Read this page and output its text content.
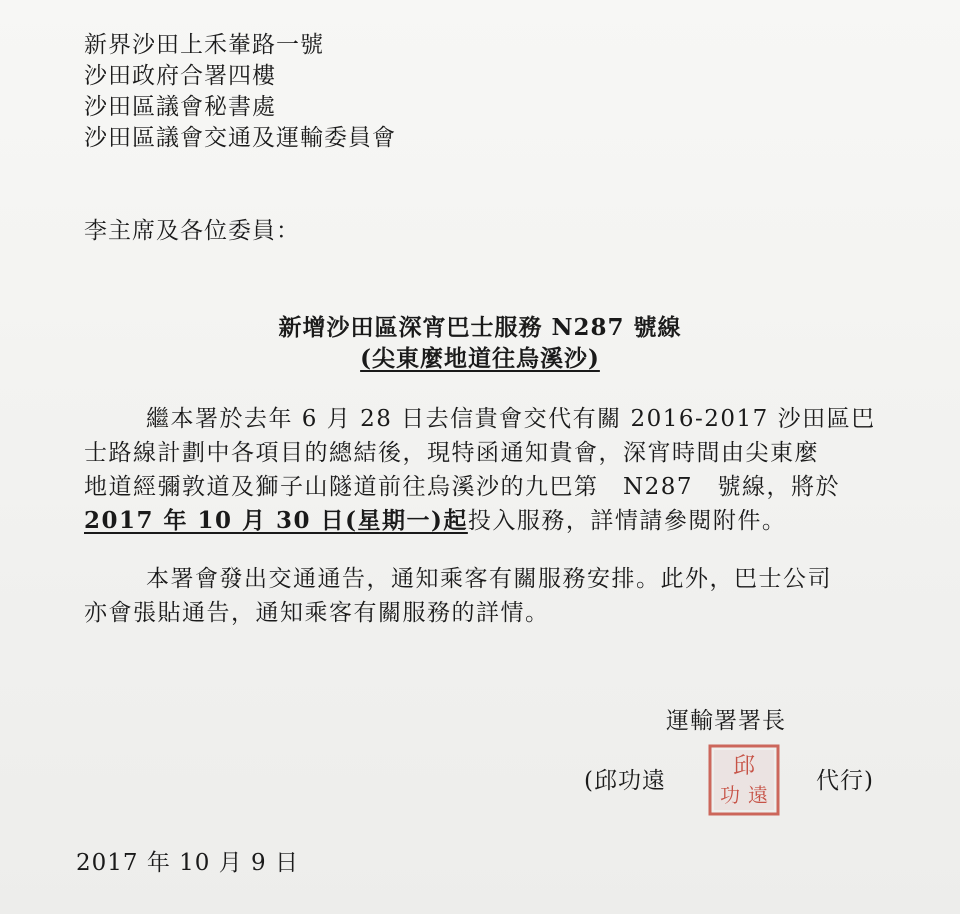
新界沙田上禾輋路一號
沙田政府合署四樓
沙田區議會秘書處
沙田區議會交通及運輸委員會
李主席及各位委員：
新增沙田區深宵巴士服務 N287 號線
(尖東麼地道往烏溪沙)
繼本署於去年 6 月 28 日去信貴會交代有關 2016-2017 沙田區巴
士路線計劃中各項目的總結後，現特函通知貴會，深宵時間由尖東麼
地道經彌敦道及獅子山隧道前往烏溪沙的九巴第　N287　號線，將於
2017 年 10 月 30 日(星期一)起投入服務，詳情請參閱附件。
本署會發出交通通告，通知乘客有關服務安排。此外，巴士公司
亦會張貼通告，通知乘客有關服務的詳情。
運輸署署長
(邱功遠
邱
功 遠
代行)
2017 年 10 月 9 日
